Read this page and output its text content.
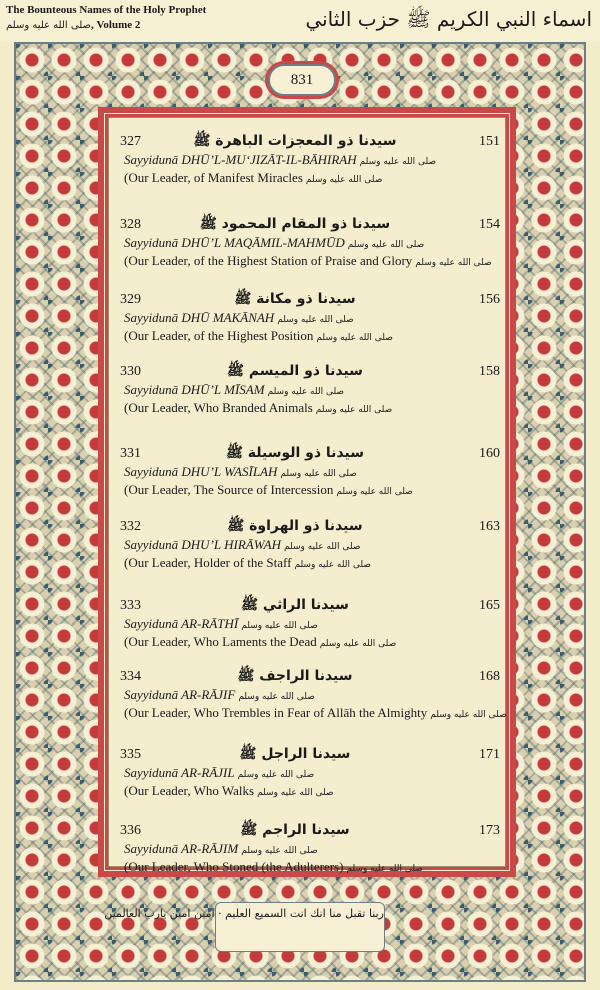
The Bounteous Names of the Holy Prophet
صلى الله عليه وسلم, Volume 2	اسماء النبي الكريم ﷺ حزب الثاني
831
327	سيدنا ذو المعجزات الباهرة ﷺ	151
Sayyidunā DHŪ’L-MU‘JIZĀT-IL-BĀHIRAH صلى الله عليه وسلم
(Our Leader, of Manifest Miracles صلى الله عليه وسلم
328	سيدنا ذو المقام المحمود ﷺ	154
Sayyidunā DHŪ’L MAQĀMIL-MAHMŪD صلى الله عليه وسلم
(Our Leader, of the Highest Station of Praise and Glory صلى الله عليه وسلم
329	سيدنا ذو مكانة ﷺ	156
Sayyidunā DHŪ MAKĀNAH صلى الله عليه وسلم
(Our Leader, of the Highest Position صلى الله عليه وسلم
330	سيدنا ذو الميسم ﷺ	158
Sayyidunā DHŪ’L MĪSAM صلى الله عليه وسلم
(Our Leader, Who Branded Animals صلى الله عليه وسلم
331	سيدنا ذو الوسيلة ﷺ	160
Sayyidunā DHU’L WASĪLAH صلى الله عليه وسلم
(Our Leader, The Source of Intercession صلى الله عليه وسلم
332	سيدنا ذو الهراوة ﷺ	163
Sayyidunā DHU’L HIRĀWAH صلى الله عليه وسلم
(Our Leader, Holder of the Staff صلى الله عليه وسلم
333	سيدنا الراثي ﷺ	165
Sayyidunā AR-RĀTHĪ صلى الله عليه وسلم
(Our Leader, Who Laments the Dead صلى الله عليه وسلم
334	سيدنا الراجف ﷺ	168
Sayyidunā AR-RĀJIF صلى الله عليه وسلم
(Our Leader, Who Trembles in Fear of Allāh the Almighty صلى الله عليه وسلم
335	سيدنا الراجل ﷺ	171
Sayyidunā AR-RĀJIL صلى الله عليه وسلم
(Our Leader, Who Walks صلى الله عليه وسلم
336	سيدنا الراجم ﷺ	173
Sayyidunā AR-RĀJIM صلى الله عليه وسلم
(Our Leader, Who Stoned (the Adulterers) صلى الله عليه وسلم
ربنا تقبل منا انك انت السميع العليم · امين امين يارب العالمين
